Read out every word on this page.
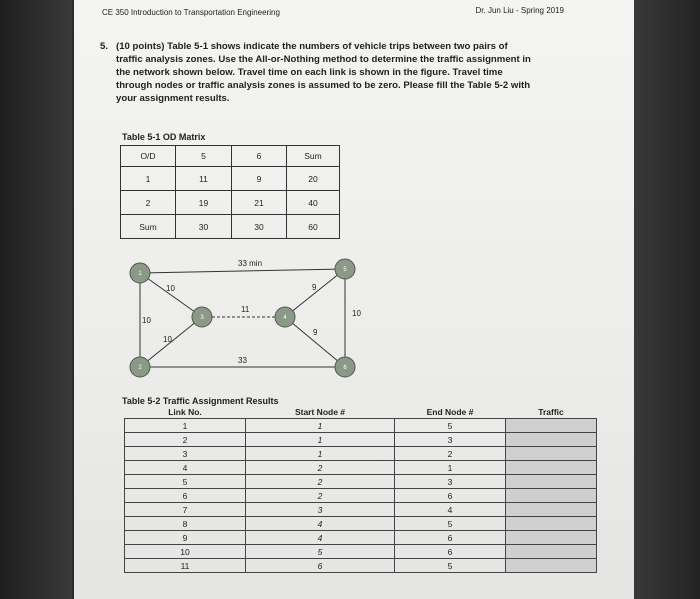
CE 350 Introduction to Transportation Engineering	Dr. Jun Liu - Spring 2019
5. (10 points) Table 5-1 shows indicate the numbers of vehicle trips between two pairs of traffic analysis zones. Use the All-or-Nothing method to determine the traffic assignment in the network shown below. Travel time on each link is shown in the figure. Travel time through nodes or traffic analysis zones is assumed to be zero. Please fill the Table 5-2 with your assignment results.
Table 5-1 OD Matrix
O/D	5	6	Sum
1	11	9	20
2	19	21	40
Sum	30	30	60
33 min
10
10
10
11
9
10
9
33
1
2
3	4
5
6
Table 5-2 Traffic Assignment Results
Link No.	Start Node #	End Node #	Traffic
1	1	5	
2	1	3	
3	1	2	
4	2	1	
5	2	3	
6	2	6	
7	3	4	
8	4	5	
9	4	6	
10	5	6	
11	6	5	
